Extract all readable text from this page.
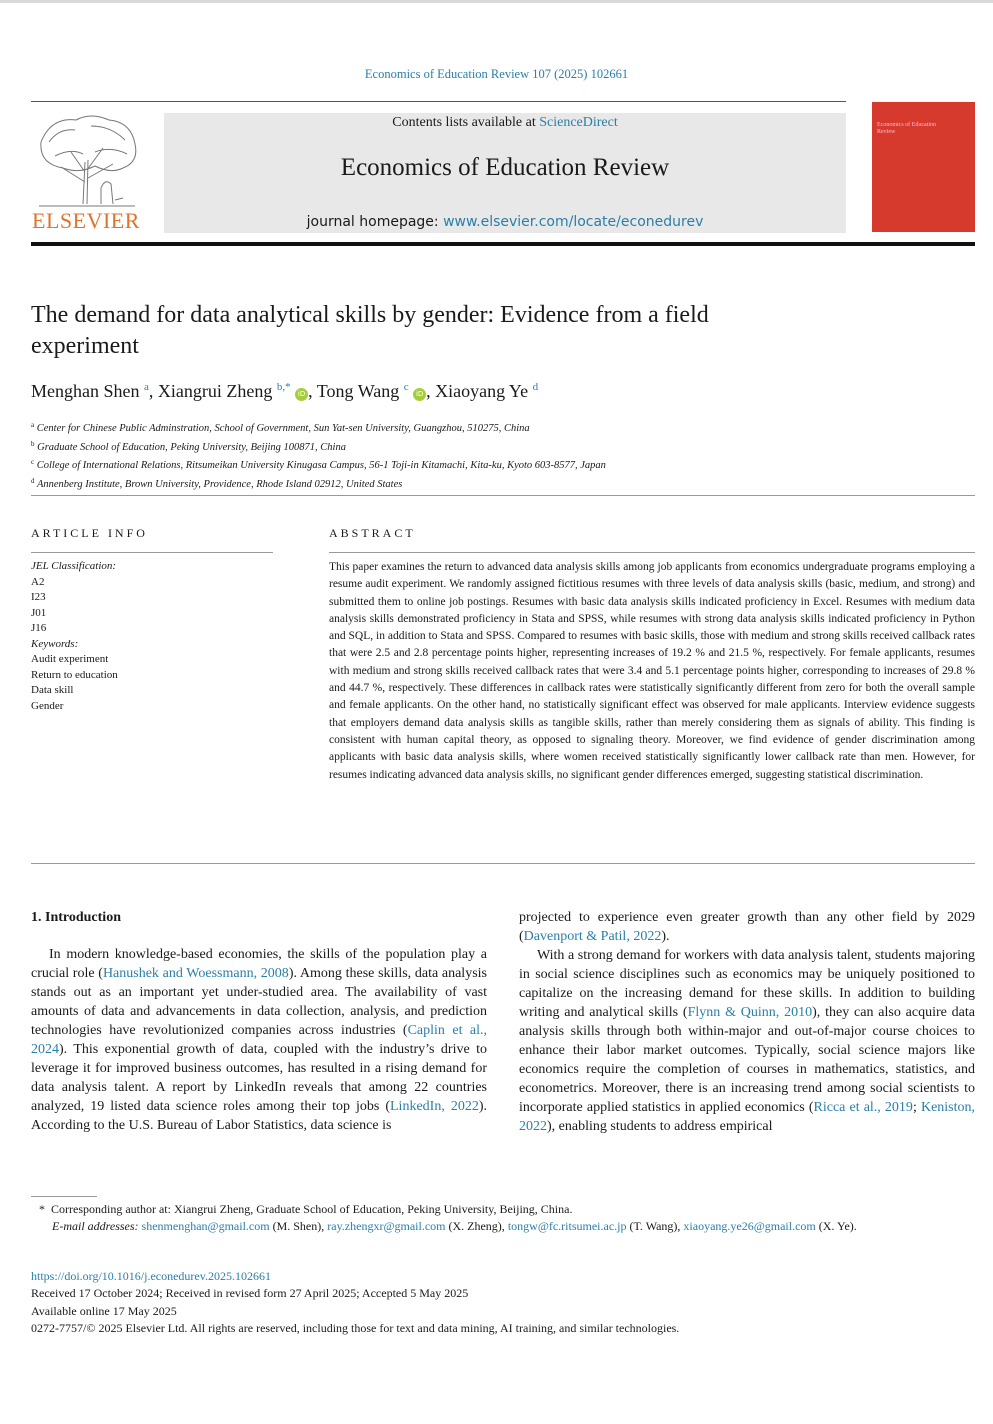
Economics of Education Review 107 (2025) 102661
ELSEVIER
Contents lists available at ScienceDirect
Economics of Education Review
journal homepage: www.elsevier.com/locate/econedurev
Economics of Education Review
The demand for data analytical skills by gender: Evidence from a field experiment
Menghan Shen $^a$, Xiangrui Zheng $^{b,*}$ iD , Tong Wang $^c$ iD , Xiaoyang Ye $^d$
$^a$ Center for Chinese Public Adminstration, School of Government, Sun Yat-sen University, Guangzhou, 510275, China
$^b$ Graduate School of Education, Peking University, Beijing 100871, China
$^c$ College of International Relations, Ritsumeikan University Kinugasa Campus, 56-1 Toji-in Kitamachi, Kita-ku, Kyoto 603-8577, Japan
$^d$ Annenberg Institute, Brown University, Providence, Rhode Island 02912, United States
ARTICLE INFO	ABSTRACT
JEL Classification:
A2
I23
J01
J16
Keywords:
Audit experiment
Return to education
Data skill
Gender
This paper examines the return to advanced data analysis skills among job applicants from economics undergraduate programs employing a resume audit experiment. We randomly assigned fictitious resumes with three levels of data analysis skills (basic, medium, and strong) and submitted them to online job postings. Resumes with basic data analysis skills indicated proficiency in Excel. Resumes with medium data analysis skills demonstrated proficiency in Stata and SPSS, while resumes with strong data analysis skills indicated proficiency in Python and SQL, in addition to Stata and SPSS. Compared to resumes with basic skills, those with medium and strong skills received callback rates that were 2.5 and 2.8 percentage points higher, representing increases of 19.2 % and 21.5 %, respectively. For female applicants, resumes with medium and strong skills received callback rates that were 3.4 and 5.1 percentage points higher, corresponding to increases of 29.8 % and 44.7 %, respectively. These differences in callback rates were statistically significantly different from zero for both the overall sample and female applicants. On the other hand, no statistically significant effect was observed for male applicants. Interview evidence suggests that employers demand data analysis skills as tangible skills, rather than merely considering them as signals of ability. This finding is consistent with human capital theory, as opposed to signaling theory. Moreover, we find evidence of gender discrimination among applicants with basic data analysis skills, where women received statistically significantly lower callback rate than men. However, for resumes indicating advanced data analysis skills, no significant gender differences emerged, suggesting statistical discrimination.

1. Introduction

In modern knowledge-based economies, the skills of the population play a crucial role (Hanushek and Woessmann, 2008). Among these skills, data analysis stands out as an important yet under-studied area. The availability of vast amounts of data and advancements in data collection, analysis, and prediction technologies have revolutionized companies across industries (Caplin et al., 2024). This exponential growth of data, coupled with the industry’s drive to leverage it for improved business outcomes, has resulted in a rising demand for data analysis talent. A report by LinkedIn reveals that among 22 countries analyzed, 19 listed data science roles among their top jobs (LinkedIn, 2022). According to the U.S. Bureau of Labor Statistics, data science is

projected to experience even greater growth than any other field by 2029 (Davenport & Patil, 2022).

With a strong demand for workers with data analysis talent, students majoring in social science disciplines such as economics may be uniquely positioned to capitalize on the increasing demand for these skills. In addition to building writing and analytical skills (Flynn & Quinn, 2010), they can also acquire data analysis skills through both within-major and out-of-major course choices to enhance their labor market outcomes. Typically, social science majors like economics require the completion of courses in mathematics, statistics, and econometrics. Moreover, there is an increasing trend among social scientists to incorporate applied statistics in applied economics (Ricca et al., 2019; Keniston, 2022), enabling students to address empirical

* Corresponding author at: Xiangrui Zheng, Graduate School of Education, Peking University, Beijing, China.

E-mail addresses: shenmenghan@gmail.com (M. Shen), ray.zhengxr@gmail.com (X. Zheng), tongw@fc.ritsumei.ac.jp (T. Wang), xiaoyang.ye26@gmail.com (X. Ye).

https://doi.org/10.1016/j.econedurev.2025.102661

Received 17 October 2024; Received in revised form 27 April 2025; Accepted 5 May 2025

Available online 17 May 2025

0272-7757/© 2025 Elsevier Ltd. All rights are reserved, including those for text and data mining, AI training, and similar technologies.
